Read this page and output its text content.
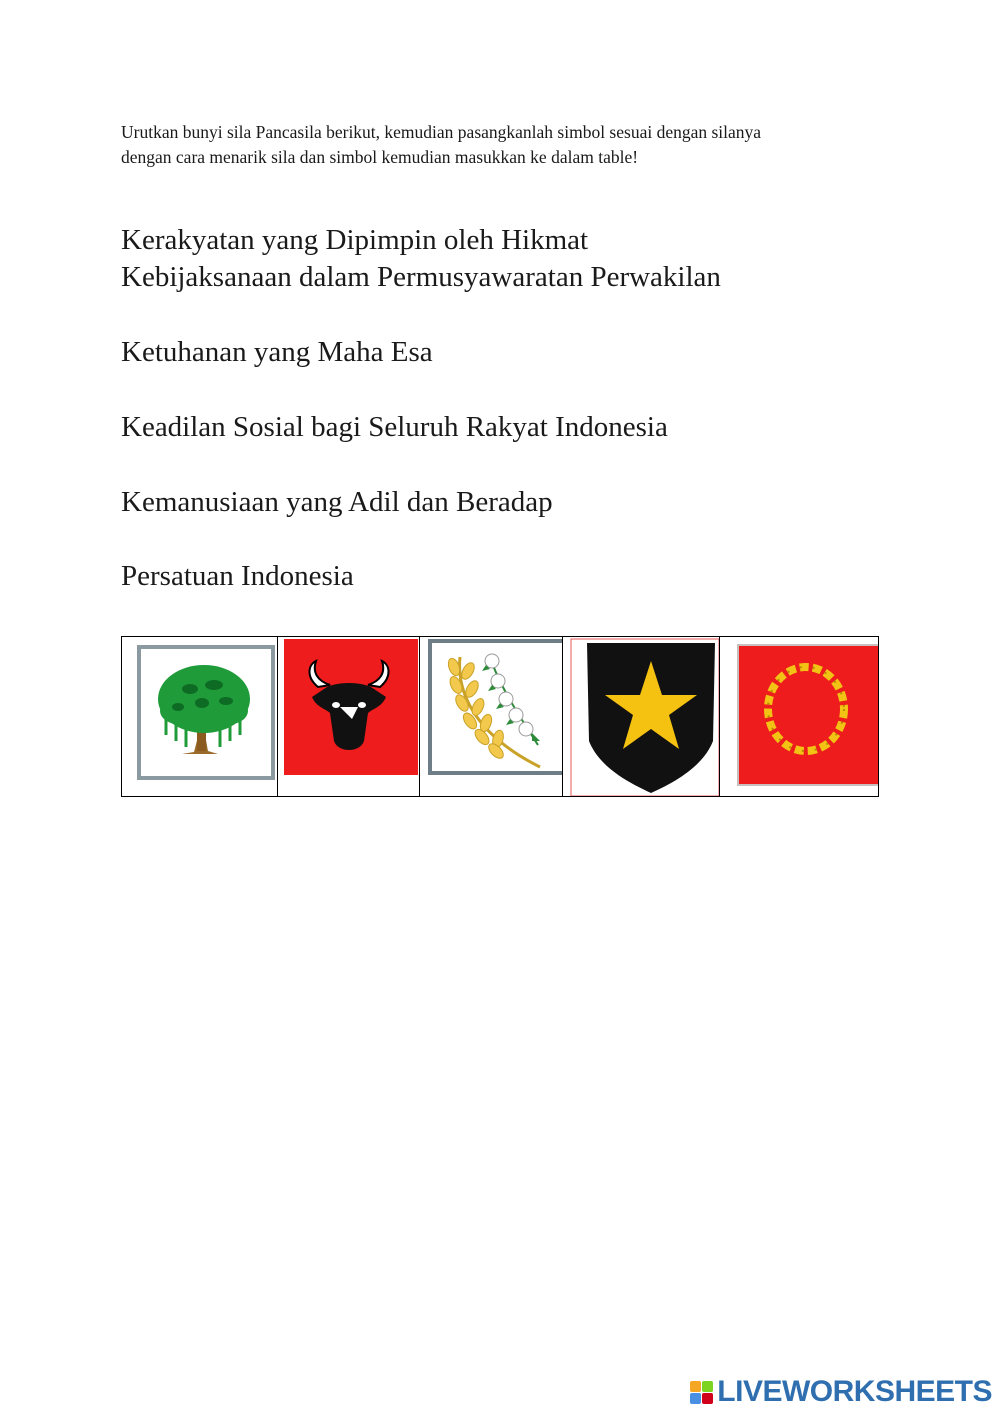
Urutkan bunyi sila Pancasila berikut, kemudian pasangkanlah simbol sesuai dengan silanya
dengan cara menarik sila dan simbol kemudian masukkan ke dalam table!

Kerakyatan yang Dipimpin oleh Hikmat
Kebijaksanaan dalam Permusyawaratan Perwakilan

Ketuhanan yang Maha Esa

Keadilan Sosial bagi Seluruh Rakyat Indonesia

Kemanusiaan yang Adil dan Beradap

Persatuan Indonesia

LIVEWORKSHEETS
